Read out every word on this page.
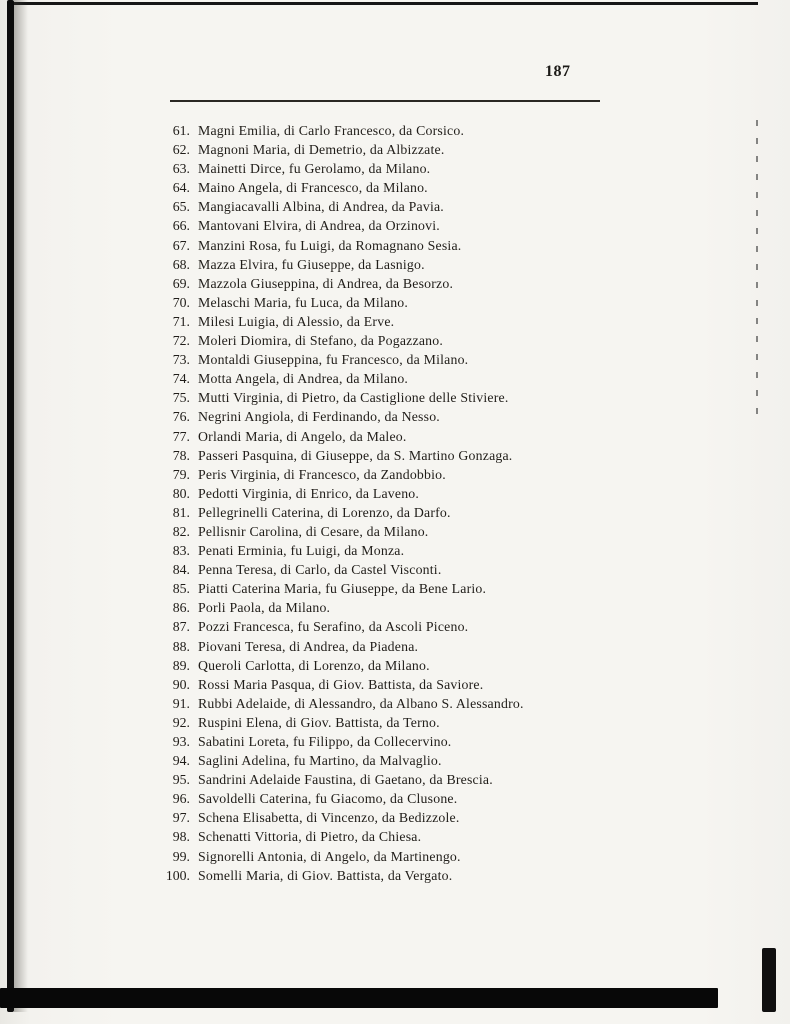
187
61. Magni Emilia, di Carlo Francesco, da Corsico.
62. Magnoni Maria, di Demetrio, da Albizzate.
63. Mainetti Dirce, fu Gerolamo, da Milano.
64. Maino Angela, di Francesco, da Milano.
65. Mangiacavalli Albina, di Andrea, da Pavia.
66. Mantovani Elvira, di Andrea, da Orzinovi.
67. Manzini Rosa, fu Luigi, da Romagnano Sesia.
68. Mazza Elvira, fu Giuseppe, da Lasnigo.
69. Mazzola Giuseppina, di Andrea, da Besorzo.
70. Melaschi Maria, fu Luca, da Milano.
71. Milesi Luigia, di Alessio, da Erve.
72. Moleri Diomira, di Stefano, da Pogazzano.
73. Montaldi Giuseppina, fu Francesco, da Milano.
74. Motta Angela, di Andrea, da Milano.
75. Mutti Virginia, di Pietro, da Castiglione delle Stiviere.
76. Negrini Angiola, di Ferdinando, da Nesso.
77. Orlandi Maria, di Angelo, da Maleo.
78. Passeri Pasquina, di Giuseppe, da S. Martino Gonzaga.
79. Peris Virginia, di Francesco, da Zandobbio.
80. Pedotti Virginia, di Enrico, da Laveno.
81. Pellegrinelli Caterina, di Lorenzo, da Darfo.
82. Pellisnir Carolina, di Cesare, da Milano.
83. Penati Erminia, fu Luigi, da Monza.
84. Penna Teresa, di Carlo, da Castel Visconti.
85. Piatti Caterina Maria, fu Giuseppe, da Bene Lario.
86. Porli Paola, da Milano.
87. Pozzi Francesca, fu Serafino, da Ascoli Piceno.
88. Piovani Teresa, di Andrea, da Piadena.
89. Queroli Carlotta, di Lorenzo, da Milano.
90. Rossi Maria Pasqua, di Giov. Battista, da Saviore.
91. Rubbi Adelaide, di Alessandro, da Albano S. Alessandro.
92. Ruspini Elena, di Giov. Battista, da Terno.
93. Sabatini Loreta, fu Filippo, da Collecervino.
94. Saglini Adelina, fu Martino, da Malvaglio.
95. Sandrini Adelaide Faustina, di Gaetano, da Brescia.
96. Savoldelli Caterina, fu Giacomo, da Clusone.
97. Schena Elisabetta, di Vincenzo, da Bedizzole.
98. Schenatti Vittoria, di Pietro, da Chiesa.
99. Signorelli Antonia, di Angelo, da Martinengo.
100. Somelli Maria, di Giov. Battista, da Vergato.
